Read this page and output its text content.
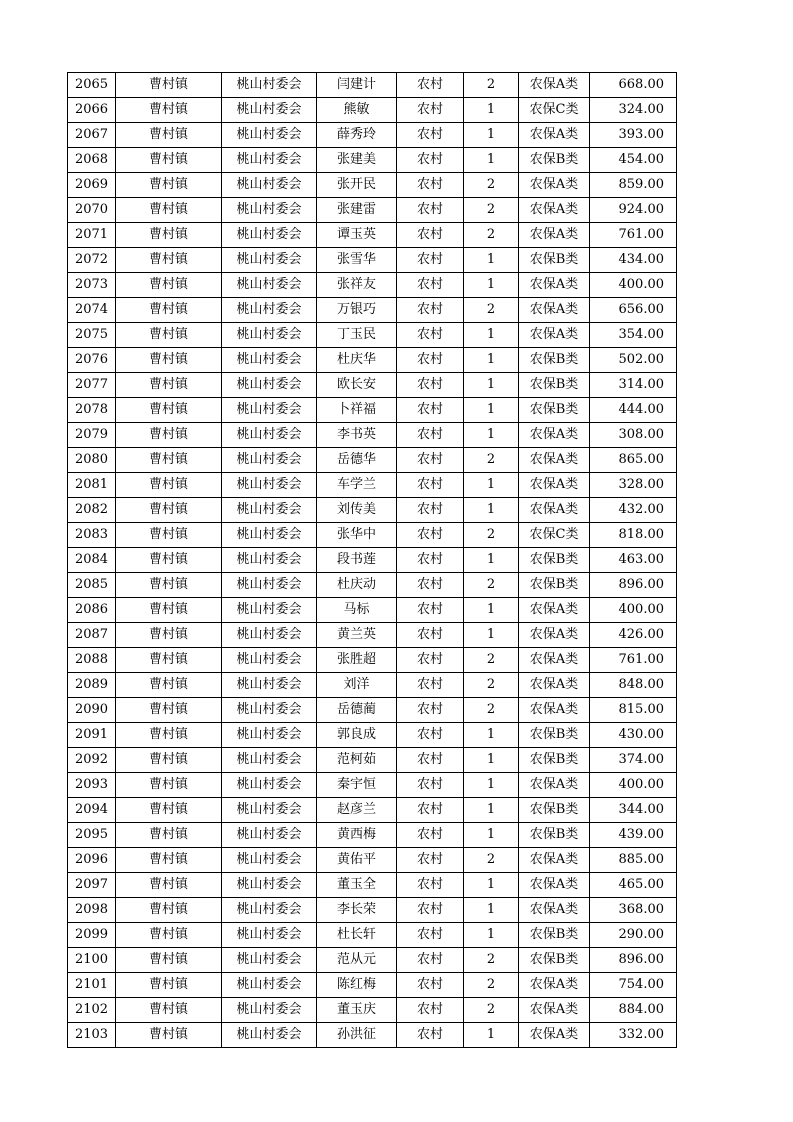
2065	曹村镇	桃山村委会	闫建计	农村	2	农保A类	668.00
2066	曹村镇	桃山村委会	熊敏	农村	1	农保C类	324.00
2067	曹村镇	桃山村委会	薛秀玲	农村	1	农保A类	393.00
2068	曹村镇	桃山村委会	张建美	农村	1	农保B类	454.00
2069	曹村镇	桃山村委会	张开民	农村	2	农保A类	859.00
2070	曹村镇	桃山村委会	张建雷	农村	2	农保A类	924.00
2071	曹村镇	桃山村委会	谭玉英	农村	2	农保A类	761.00
2072	曹村镇	桃山村委会	张雪华	农村	1	农保B类	434.00
2073	曹村镇	桃山村委会	张祥友	农村	1	农保A类	400.00
2074	曹村镇	桃山村委会	万银巧	农村	2	农保A类	656.00
2075	曹村镇	桃山村委会	丁玉民	农村	1	农保A类	354.00
2076	曹村镇	桃山村委会	杜庆华	农村	1	农保B类	502.00
2077	曹村镇	桃山村委会	欧长安	农村	1	农保B类	314.00
2078	曹村镇	桃山村委会	卜祥福	农村	1	农保B类	444.00
2079	曹村镇	桃山村委会	李书英	农村	1	农保A类	308.00
2080	曹村镇	桃山村委会	岳德华	农村	2	农保A类	865.00
2081	曹村镇	桃山村委会	车学兰	农村	1	农保A类	328.00
2082	曹村镇	桃山村委会	刘传美	农村	1	农保A类	432.00
2083	曹村镇	桃山村委会	张华中	农村	2	农保C类	818.00
2084	曹村镇	桃山村委会	段书莲	农村	1	农保B类	463.00
2085	曹村镇	桃山村委会	杜庆动	农村	2	农保B类	896.00
2086	曹村镇	桃山村委会	马标	农村	1	农保A类	400.00
2087	曹村镇	桃山村委会	黄兰英	农村	1	农保A类	426.00
2088	曹村镇	桃山村委会	张胜超	农村	2	农保A类	761.00
2089	曹村镇	桃山村委会	刘洋	农村	2	农保A类	848.00
2090	曹村镇	桃山村委会	岳德蔺	农村	2	农保A类	815.00
2091	曹村镇	桃山村委会	郭良成	农村	1	农保B类	430.00
2092	曹村镇	桃山村委会	范柯茹	农村	1	农保B类	374.00
2093	曹村镇	桃山村委会	秦宇恒	农村	1	农保A类	400.00
2094	曹村镇	桃山村委会	赵彦兰	农村	1	农保B类	344.00
2095	曹村镇	桃山村委会	黄西梅	农村	1	农保B类	439.00
2096	曹村镇	桃山村委会	黄佑平	农村	2	农保A类	885.00
2097	曹村镇	桃山村委会	董玉全	农村	1	农保A类	465.00
2098	曹村镇	桃山村委会	李长荣	农村	1	农保A类	368.00
2099	曹村镇	桃山村委会	杜长轩	农村	1	农保B类	290.00
2100	曹村镇	桃山村委会	范从元	农村	2	农保B类	896.00
2101	曹村镇	桃山村委会	陈红梅	农村	2	农保A类	754.00
2102	曹村镇	桃山村委会	董玉庆	农村	2	农保A类	884.00
2103	曹村镇	桃山村委会	孙洪征	农村	1	农保A类	332.00
